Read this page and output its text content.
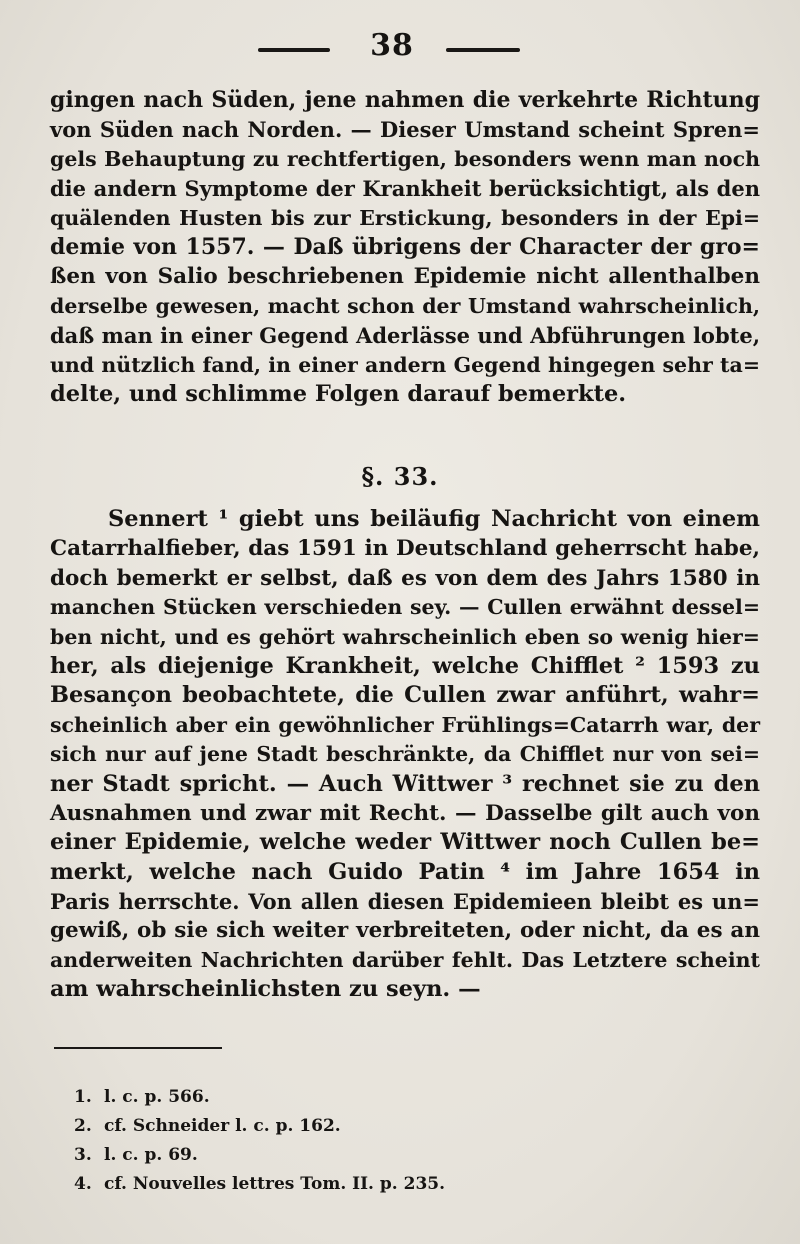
38
gingen nach Süden, jene nahmen die verkehrte Richtung
von Süden nach Norden. — Dieser Umstand scheint Spren=
gels Behauptung zu rechtfertigen, besonders wenn man noch
die andern Symptome der Krankheit berücksichtigt, als den
quälenden Husten bis zur Erstickung, besonders in der Epi=
demie von 1557. — Daß übrigens der Character der gro=
ßen von Salio beschriebenen Epidemie nicht allenthalben
derselbe gewesen, macht schon der Umstand wahrscheinlich,
daß man in einer Gegend Aderlässe und Abführungen lobte,
und nützlich fand, in einer andern Gegend hingegen sehr ta=
delte, und schlimme Folgen darauf bemerkte.
§. 33.
Sennert ¹ giebt uns beiläufig Nachricht von einem
Catarrhalfieber, das 1591 in Deutschland geherrscht habe,
doch bemerkt er selbst, daß es von dem des Jahrs 1580 in
manchen Stücken verschieden sey. — Cullen erwähnt dessel=
ben nicht, und es gehört wahrscheinlich eben so wenig hier=
her, als diejenige Krankheit, welche Chifflet ² 1593 zu
Besançon beobachtete, die Cullen zwar anführt, wahr=
scheinlich aber ein gewöhnlicher Frühlings=Catarrh war, der
sich nur auf jene Stadt beschränkte, da Chifflet nur von sei=
ner Stadt spricht. — Auch Wittwer ³ rechnet sie zu den
Ausnahmen und zwar mit Recht. — Dasselbe gilt auch von
einer Epidemie, welche weder Wittwer noch Cullen be=
merkt, welche nach Guido Patin ⁴ im Jahre 1654 in
Paris herrschte. Von allen diesen Epidemieen bleibt es un=
gewiß, ob sie sich weiter verbreiteten, oder nicht, da es an
anderweiten Nachrichten darüber fehlt. Das Letztere scheint
am wahrscheinlichsten zu seyn. —
1. l. c. p. 566.
2. cf. Schneider l. c. p. 162.
3. l. c. p. 69.
4. cf. Nouvelles lettres Tom. II. p. 235.
